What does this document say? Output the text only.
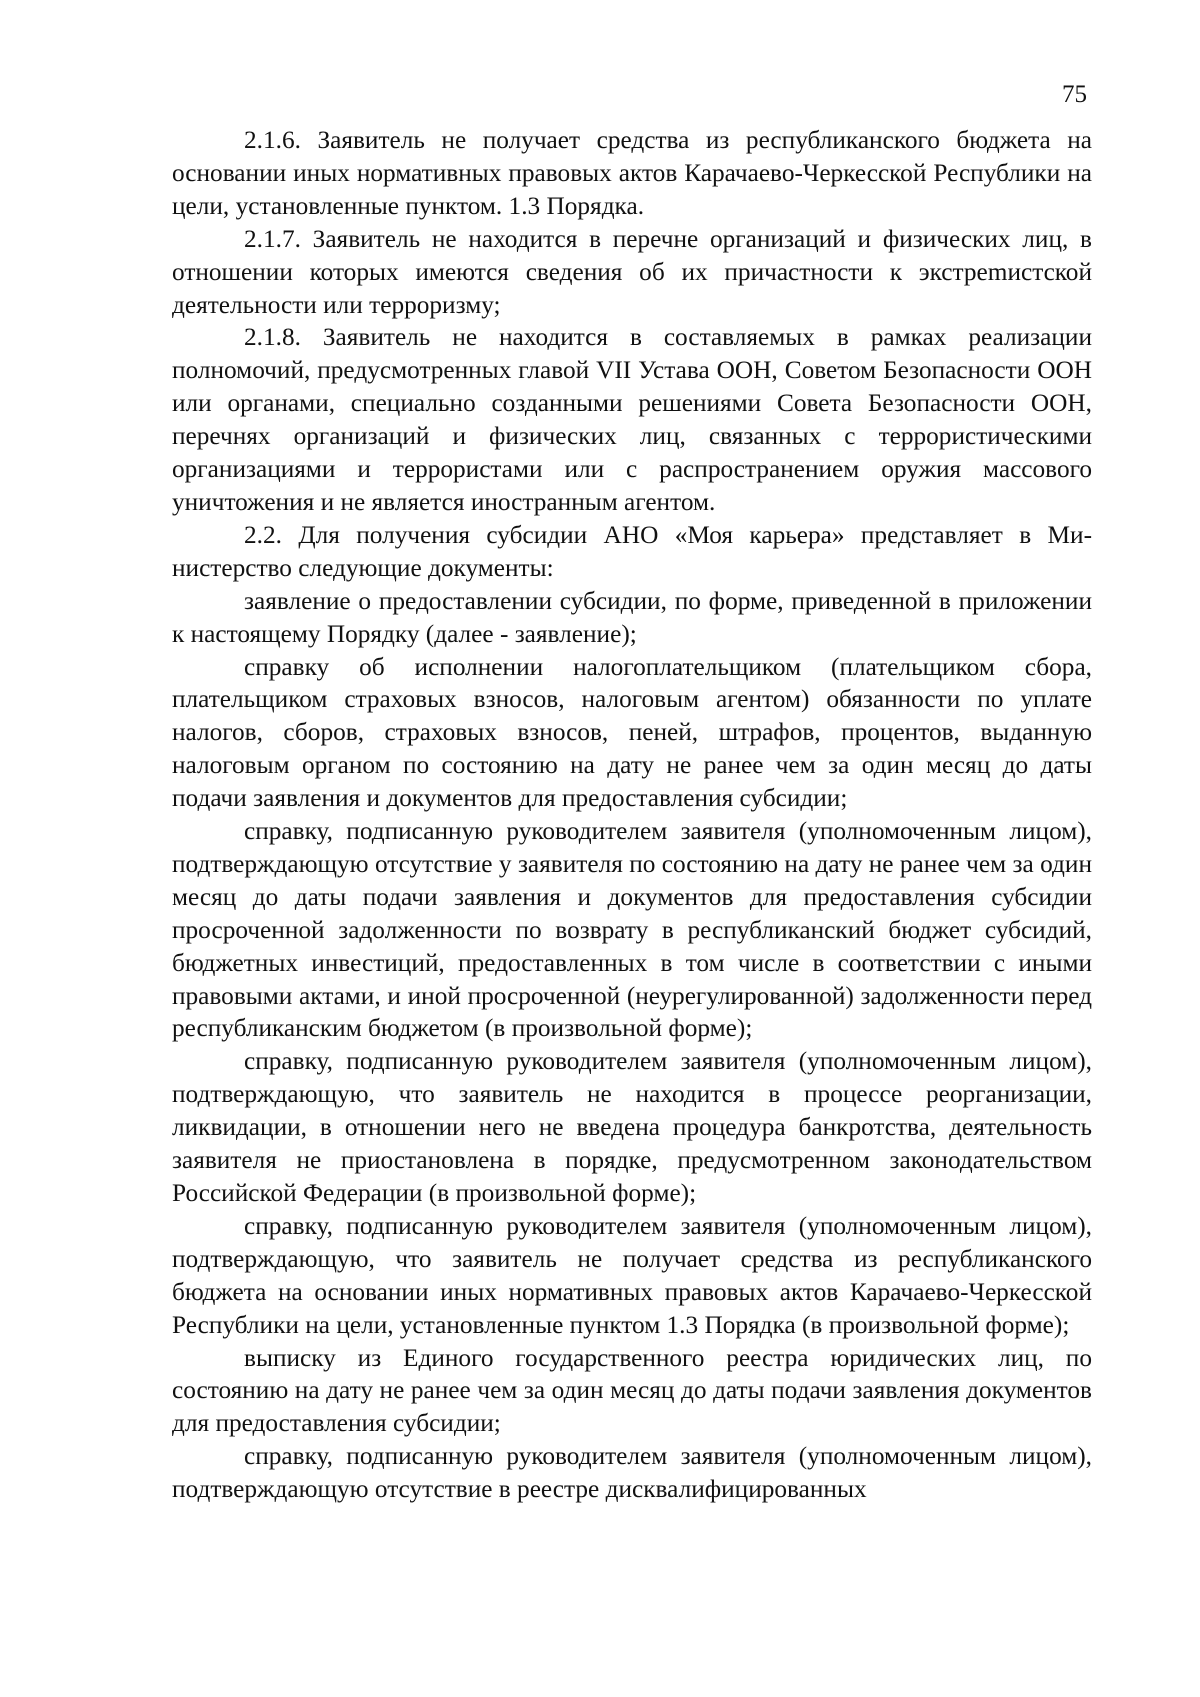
75

2.1.6. Заявитель не получает средства из республиканского бюджета на основании иных нормативных правовых актов Карачаево-Черкесской Республики на цели, установленные пунктом. 1.3 Порядка.

2.1.7. Заявитель не находится в перечне организаций и физических лиц, в отношении которых имеются сведения об их причастности к экстреmистской деятельности или терроризму;

2.1.8. Заявитель не находится в составляемых в рамках реализации полномочий, предусмотренных главой VII Устава ООН, Советом Безопасности ООН или органами, специально созданными решениями Совета Безопасности ООН, перечнях организаций и физических лиц, связанных с террористическими организациями и террористами или с распространением оружия массового уничтожения и не является иностранным агентом.

2.2. Для получения субсидии АНО «Моя карьера» представляет в Министерство следующие документы:

заявление о предоставлении субсидии, по форме, приведенной в приложении к настоящему Порядку (далее - заявление);

справку об исполнении налогоплательщиком (плательщиком сбора, плательщиком страховых взносов, налоговым агентом) обязанности по уплате налогов, сборов, страховых взносов, пеней, штрафов, процентов, выданную налоговым органом по состоянию на дату не ранее чем за один месяц до даты подачи заявления и документов для предоставления субсидии;

справку, подписанную руководителем заявителя (уполномоченным лицом), подтверждающую отсутствие у заявителя по состоянию на дату не ранее чем за один месяц до даты подачи заявления и документов для предоставления субсидии просроченной задолженности по возврату в республиканский бюджет субсидий, бюджетных инвестиций, предоставленных в том числе в соответствии с иными правовыми актами, и иной просроченной (неурегулированной) задолженности перед республиканским бюджетом (в произвольной форме);

справку, подписанную руководителем заявителя (уполномоченным лицом), подтверждающую, что заявитель не находится в процессе реорганизации, ликвидации, в отношении него не введена процедура банкротства, деятельность заявителя не приостановлена в порядке, предусмотренном законодательством Российской Федерации (в произвольной форме);

справку, подписанную руководителем заявителя (уполномоченным лицом), подтверждающую, что заявитель не получает средства из республиканского бюджета на основании иных нормативных правовых актов Карачаево-Черкесской Республики на цели, установленные пунктом 1.3 Порядка (в произвольной форме);

выписку из Единого государственного реестра юридических лиц, по состоянию на дату не ранее чем за один месяц до даты подачи заявления документов для предоставления субсидии;

справку, подписанную руководителем заявителя (уполномоченным лицом), подтверждающую отсутствие в реестре дисквалифицированных
